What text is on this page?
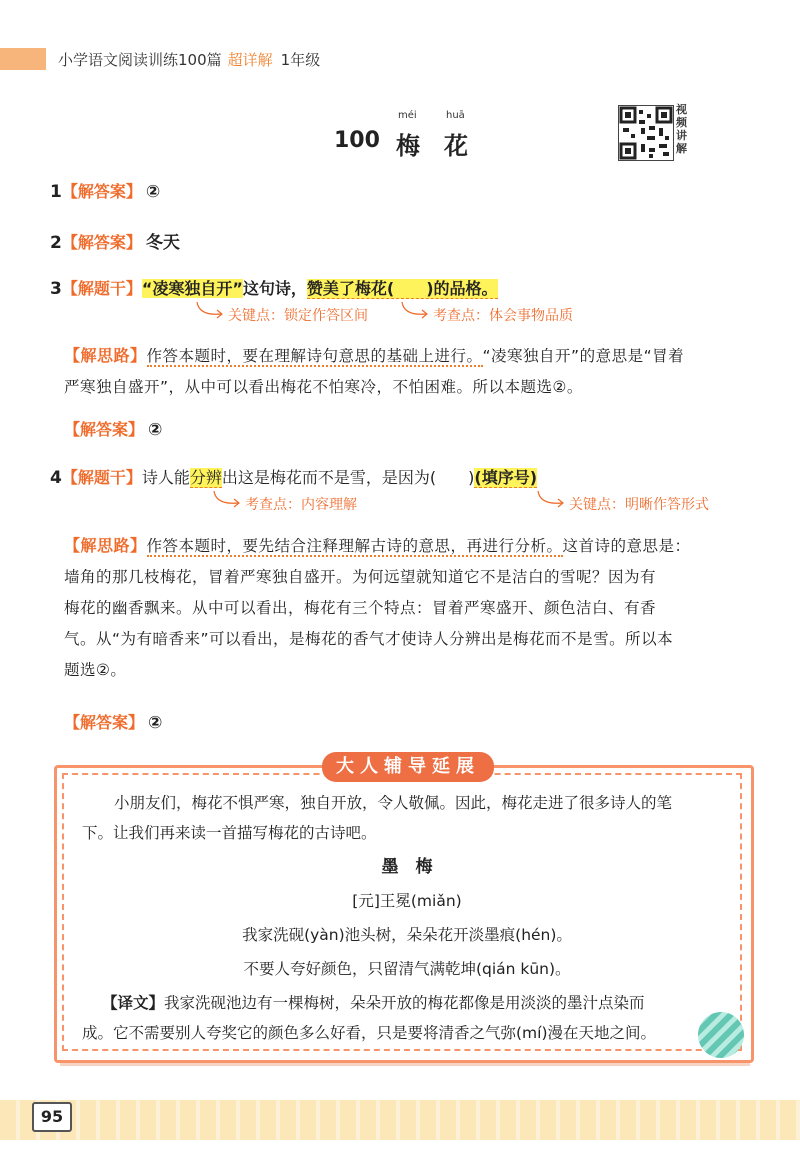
小学语文阅读训练100篇 超详解 1年级
méi	huā
100 梅 花
视频讲解
1【解答案】 ②
2【解答案】 冬天
3【解题干】“凌寒独自开”这句诗，赞美了梅花(　　)的品格。
关键点：锁定作答区间	考查点：体会事物品质
【解思路】作答本题时，要在理解诗句意思的基础上进行。“凌寒独自开”的意思是“冒着
严寒独自盛开”，从中可以看出梅花不怕寒冷，不怕困难。所以本题选②。
【解答案】 ②
4【解题干】诗人能分辨出这是梅花而不是雪，是因为(　　)(填序号)
考查点：内容理解	关键点：明晰作答形式
【解思路】作答本题时，要先结合注释理解古诗的意思，再进行分析。这首诗的意思是：
墙角的那几枝梅花，冒着严寒独自盛开。为何远望就知道它不是洁白的雪呢？因为有
梅花的幽香飘来。从中可以看出，梅花有三个特点：冒着严寒盛开、颜色洁白、有香
气。从“为有暗香来”可以看出，是梅花的香气才使诗人分辨出是梅花而不是雪。所以本
题选②。
【解答案】 ②
大人辅导延展
小朋友们，梅花不惧严寒，独自开放，令人敬佩。因此，梅花走进了很多诗人的笔
下。让我们再来读一首描写梅花的古诗吧。
墨　梅
[元]王冕(miǎn)
我家洗砚(yàn)池头树，朵朵花开淡墨痕(hén)。
不要人夸好颜色，只留清气满乾坤(qián kūn)。
【译文】我家洗砚池边有一棵梅树，朵朵开放的梅花都像是用淡淡的墨汁点染而
成。它不需要别人夸奖它的颜色多么好看，只是要将清香之气弥(mí)漫在天地之间。
95
